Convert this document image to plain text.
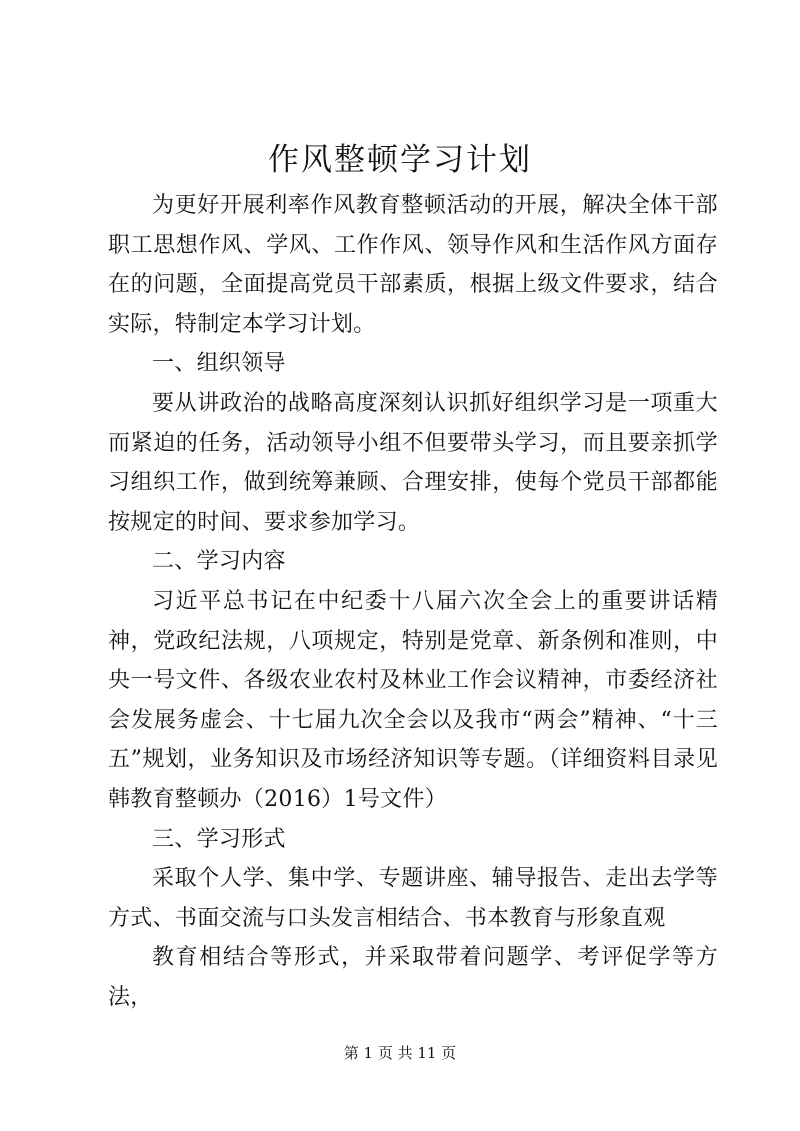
作风整顿学习计划

为更好开展利率作风教育整顿活动的开展，解决全体干部职工思想作风、学风、工作作风、领导作风和生活作风方面存在的问题，全面提高党员干部素质，根据上级文件要求，结合实际，特制定本学习计划。

一、组织领导

要从讲政治的战略高度深刻认识抓好组织学习是一项重大而紧迫的任务，活动领导小组不但要带头学习，而且要亲抓学习组织工作，做到统筹兼顾、合理安排，使每个党员干部都能按规定的时间、要求参加学习。

二、学习内容

习近平总书记在中纪委十八届六次全会上的重要讲话精神，党政纪法规，八项规定，特别是党章、新条例和准则，中央一号文件、各级农业农村及林业工作会议精神，市委经济社会发展务虚会、十七届九次全会以及我市“两会”精神、“十三五”规划，业务知识及市场经济知识等专题。（详细资料目录见韩教育整顿办（2016）1号文件）

三、学习形式

采取个人学、集中学、专题讲座、辅导报告、走出去学等方式、书面交流与口头发言相结合、书本教育与形象直观

教育相结合等形式，并采取带着问题学、考评促学等方法，

第 1 页 共 11 页
